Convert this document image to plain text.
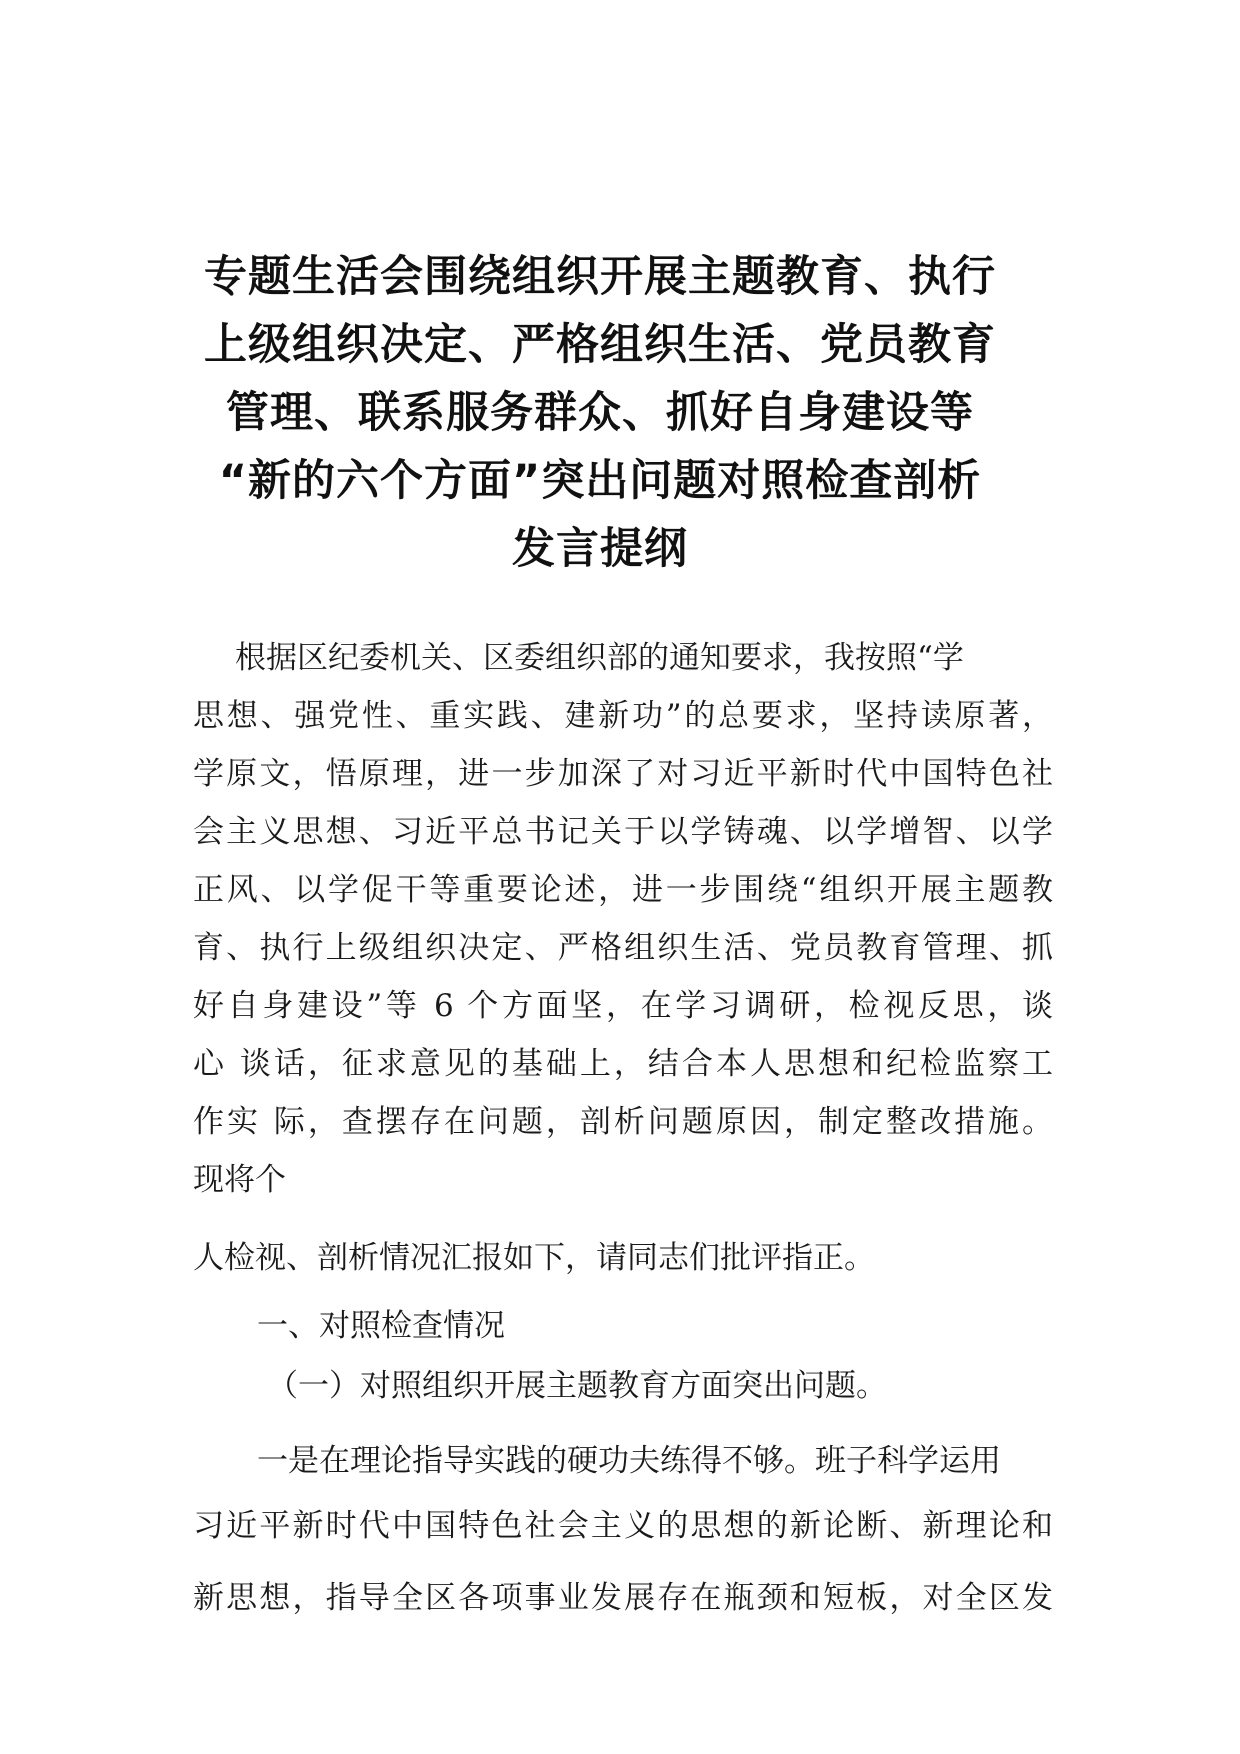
专题生活会围绕组织开展主题教育、执行
上级组织决定、严格组织生活、党员教育
管理、联系服务群众、抓好自身建设等
“新的六个方面”突出问题对照检查剖析
发言提纲

根据区纪委机关、区委组织部的通知要求，我按照“学

思想、强党性、重实践、建新功”的总要求，坚持读原著，

学原文，悟原理，进一步加深了对习近平新时代中国特色社

会主义思想、习近平总书记关于以学铸魂、以学增智、以学

正风、以学促干等重要论述，进一步围绕“组织开展主题教

育、执行上级组织决定、严格组织生活、党员教育管理、抓

好自身建设”等 6 个方面坚，在学习调研，检视反思，谈

心 谈话，征求意见的基础上，结合本人思想和纪检监察工

作实 际，查摆存在问题，剖析问题原因，制定整改措施。

现将个

人检视、剖析情况汇报如下，请同志们批评指正。

一、对照检查情况

（一）对照组织开展主题教育方面突出问题。

一是在理论指导实践的硬功夫练得不够。班子科学运用

习近平新时代中国特色社会主义的思想的新论断、新理论和

新思想，指导全区各项事业发展存在瓶颈和短板，对全区发
